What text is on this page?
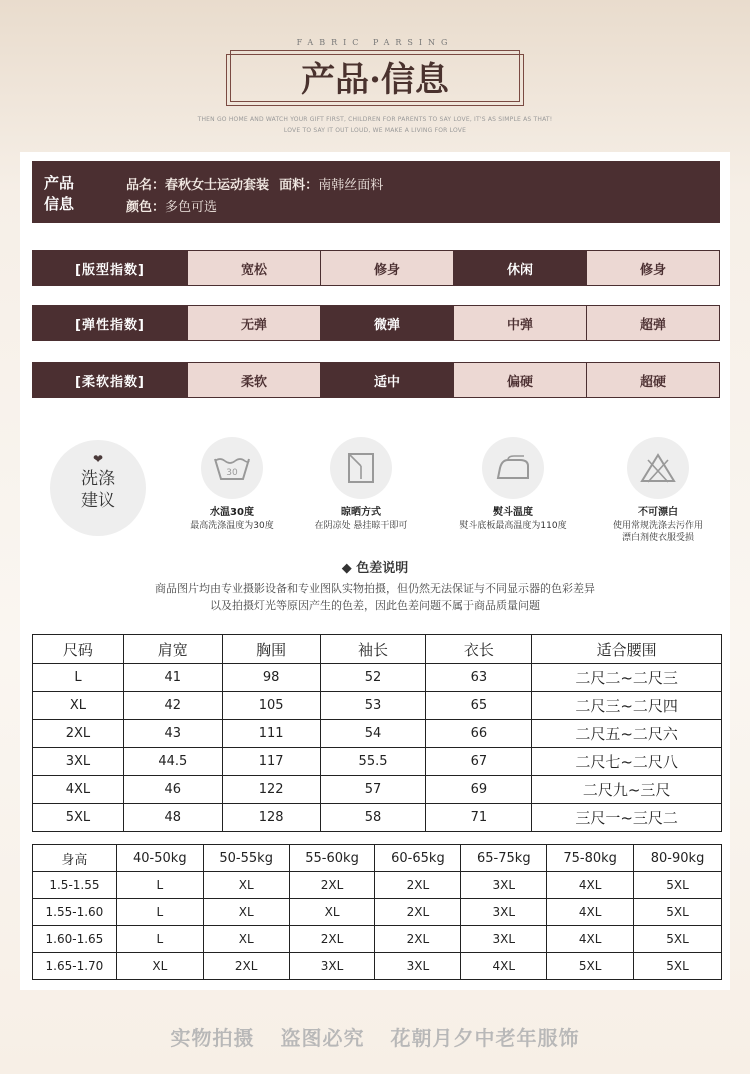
FABRIC PARSING
产品·信息
THEN GO HOME AND WATCH YOUR GIFT FIRST, CHILDREN FOR PARENTS TO SAY LOVE, IT'S AS SIMPLE AS THAT!
LOVE TO SAY IT OUT LOUD, WE MAKE A LIVING FOR LOVE
产品
信息
品名：春秋女士运动套装 面料：南韩丝面料
颜色：多色可选
[版型指数]	宽松	修身	休闲	修身
[弹性指数]	无弹	微弹	中弹	超弹
[柔软指数]	柔软	适中	偏硬	超硬
❤
洗涤
建议
30
水温30度
最高洗涤温度为30度
晾晒方式
在阴凉处 悬挂晾干即可
熨斗温度
熨斗底板最高温度为110度
不可漂白
使用常规洗涤去污作用
漂白剂使衣服受损
◆ 色差说明
商品图片均由专业摄影设备和专业图队实物拍摄，但仍然无法保证与不同显示器的色彩差异
以及拍摄灯光等原因产生的色差，因此色差问题不属于商品质量问题
尺码	肩宽	胸围	袖长	衣长	适合腰围
L	41	98	52	63	二尺二~二尺三
XL	42	105	53	65	二尺三~二尺四
2XL	43	111	54	66	二尺五~二尺六
3XL	44.5	117	55.5	67	二尺七~二尺八
4XL	46	122	57	69	二尺九~三尺
5XL	48	128	58	71	三尺一~三尺二
身高	40-50kg	50-55kg	55-60kg	60-65kg	65-75kg	75-80kg	80-90kg
1.5-1.55	L	XL	2XL	2XL	3XL	4XL	5XL
1.55-1.60	L	XL	XL	2XL	3XL	4XL	5XL
1.60-1.65	L	XL	2XL	2XL	3XL	4XL	5XL
1.65-1.70	XL	2XL	3XL	3XL	4XL	5XL	5XL
实物拍摄 盗图必究 花朝月夕中老年服饰
